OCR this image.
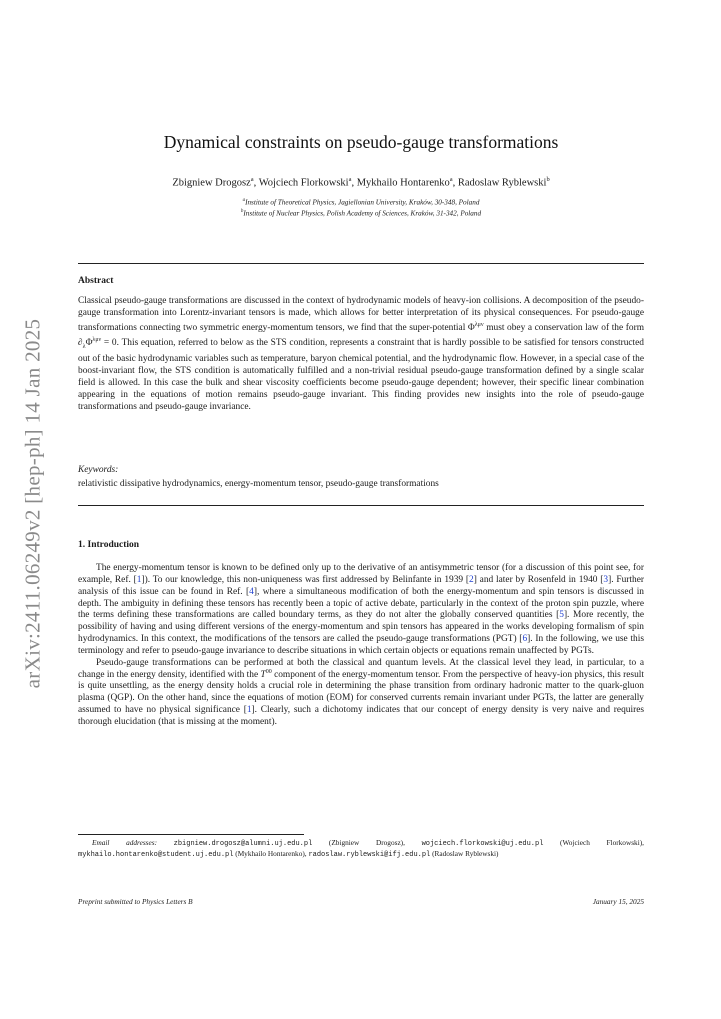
arXiv:2411.06249v2 [hep-ph] 14 Jan 2025
Dynamical constraints on pseudo-gauge transformations
Zbigniew Drogosz$^a$, Wojciech Florkowski$^a$, Mykhailo Hontarenko$^a$, Radoslaw Ryblewski$^b$
$^a$Institute of Theoretical Physics, Jagiellonian University, Kraków, 30-348, Poland
$^b$Institute of Nuclear Physics, Polish Academy of Sciences, Kraków, 31-342, Poland
Abstract
Classical pseudo-gauge transformations are discussed in the context of hydrodynamic models of heavy-ion collisions. A decomposition of the pseudo-gauge transformation into Lorentz-invariant tensors is made, which allows for better interpretation of its physical consequences. For pseudo-gauge transformations connecting two symmetric energy-momentum tensors, we find that the super-potential $\Phi^{\lambda\mu\nu}$ must obey a conservation law of the form $\partial_\lambda\Phi^{\lambda\mu\nu} = 0$. This equation, referred to below as the STS condition, represents a constraint that is hardly possible to be satisfied for tensors constructed out of the basic hydrodynamic variables such as temperature, baryon chemical potential, and the hydrodynamic flow. However, in a special case of the boost-invariant flow, the STS condition is automatically fulfilled and a non-trivial residual pseudo-gauge transformation defined by a single scalar field is allowed. In this case the bulk and shear viscosity coefficients become pseudo-gauge dependent; however, their specific linear combination appearing in the equations of motion remains pseudo-gauge invariant. This finding provides new insights into the role of pseudo-gauge transformations and pseudo-gauge invariance.
Keywords:
relativistic dissipative hydrodynamics, energy-momentum tensor, pseudo-gauge transformations
1. Introduction

The energy-momentum tensor is known to be defined only up to the derivative of an antisymmetric tensor (for a discussion of this point see, for example, Ref. [1]). To our knowledge, this non-uniqueness was first addressed by Belinfante in 1939 [2] and later by Rosenfeld in 1940 [3]. Further analysis of this issue can be found in Ref. [4], where a simultaneous modification of both the energy-momentum and spin tensors is discussed in depth. The ambiguity in defining these tensors has recently been a topic of active debate, particularly in the context of the proton spin puzzle, where the terms defining these transformations are called boundary terms, as they do not alter the globally conserved quantities [5]. More recently, the possibility of having and using different versions of the energy-momentum and spin tensors has appeared in the works developing formalism of spin hydrodynamics. In this context, the modifications of the tensors are called the pseudo-gauge transformations (PGT) [6]. In the following, we use this terminology and refer to pseudo-gauge invariance to describe situations in which certain objects or equations remain unaffected by PGTs.

Pseudo-gauge transformations can be performed at both the classical and quantum levels. At the classical level they lead, in particular, to a change in the energy density, identified with the $T^{00}$ component of the energy-momentum tensor. From the perspective of heavy-ion physics, this result is quite unsettling, as the energy density holds a crucial role in determining the phase transition from ordinary hadronic matter to the quark-gluon plasma (QGP). On the other hand, since the equations of motion (EOM) for conserved currents remain invariant under PGTs, the latter are generally assumed to have no physical significance [1]. Clearly, such a dichotomy indicates that our concept of energy density is very naive and requires thorough elucidation (that is missing at the moment).

Email addresses: zbigniew.drogosz@alumni.uj.edu.pl (Zbigniew Drogosz), wojciech.florkowski@uj.edu.pl (Wojciech Florkowski), mykhailo.hontarenko@student.uj.edu.pl (Mykhailo Hontarenko), radoslaw.ryblewski@ifj.edu.pl (Radoslaw Ryblewski)
Preprint submitted to Physics Letters B	January 15, 2025
